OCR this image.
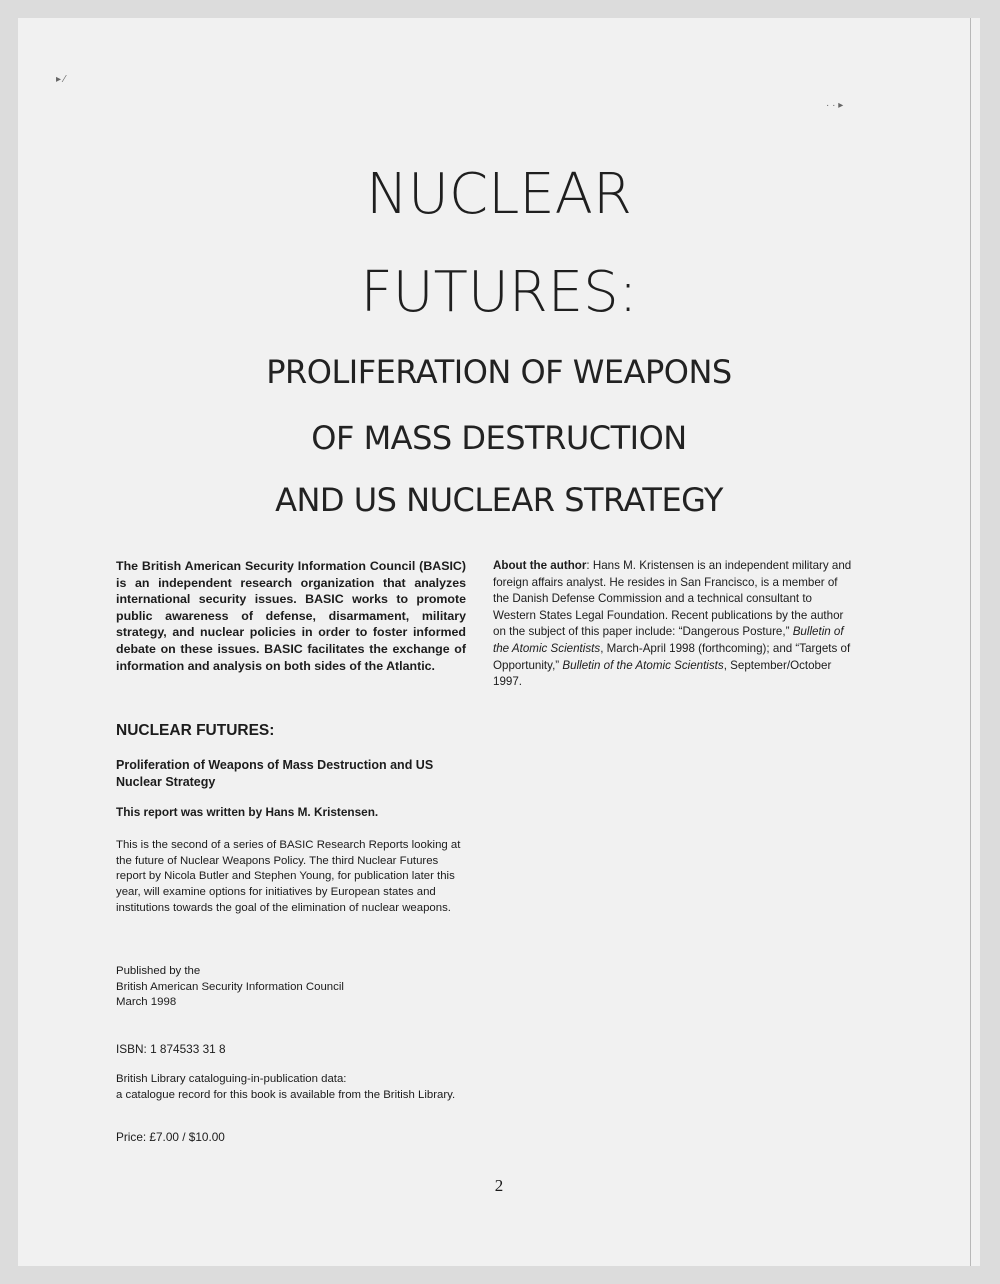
▸ ⁄
· · ▸
NUCLEAR
FUTURES:
PROLIFERATION OF WEAPONS
OF MASS DESTRUCTION
AND US NUCLEAR STRATEGY
The British American Security Information Council (BASIC) is an independent research organization that analyzes international security issues. BASIC works to promote public awareness of defense, disarmament, military strategy, and nuclear policies in order to foster informed debate on these issues. BASIC facilitates the exchange of information and analysis on both sides of the Atlantic.
About the author: Hans M. Kristensen is an independent military and foreign affairs analyst. He resides in San Francisco, is a member of the Danish Defense Commission and a technical consultant to Western States Legal Foundation. Recent publications by the author on the subject of this paper include: “Dangerous Posture,” Bulletin of the Atomic Scientists, March-April 1998 (forthcoming); and “Targets of Opportunity,” Bulletin of the Atomic Scientists, September/October 1997.
NUCLEAR FUTURES:
Proliferation of Weapons of Mass Destruction and US Nuclear Strategy
This report was written by Hans M. Kristensen.
This is the second of a series of BASIC Research Reports looking at the future of Nuclear Weapons Policy. The third Nuclear Futures report by Nicola Butler and Stephen Young, for publication later this year, will examine options for initiatives by European states and institutions towards the goal of the elimination of nuclear weapons.
Published by the
British American Security Information Council
March 1998
ISBN: 1 874533 31 8
British Library cataloguing-in-publication data:
a catalogue record for this book is available from the British Library.
Price: £7.00 / $10.00
2
